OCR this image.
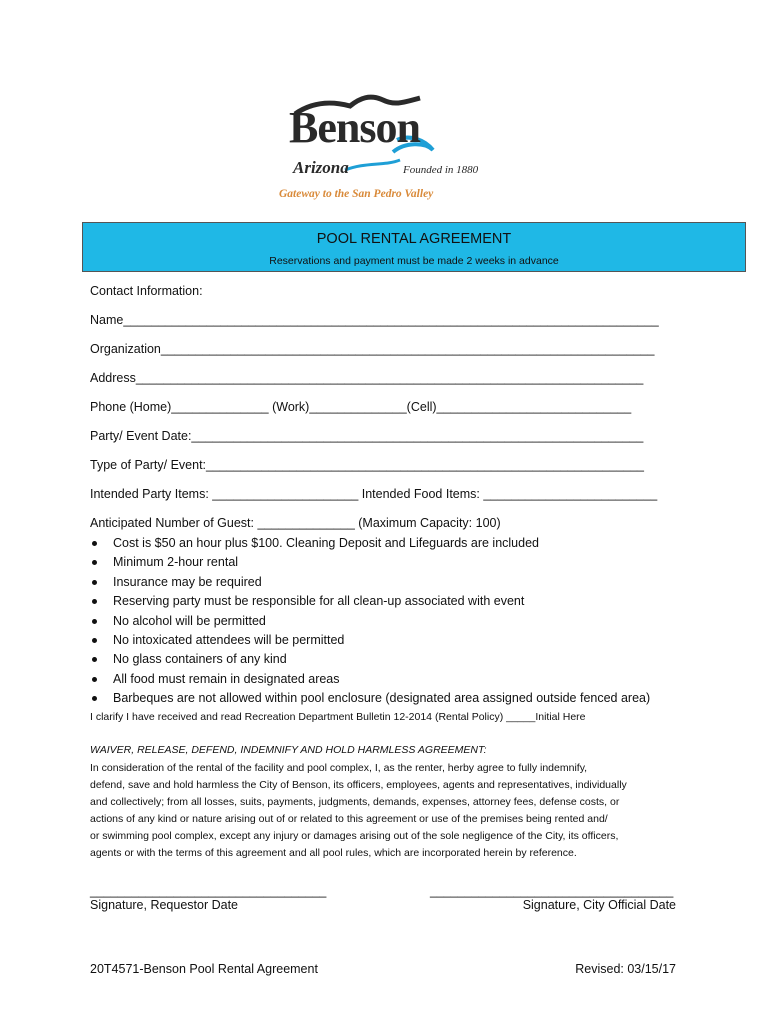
Benson
Arizona	Founded in 1880
Gateway to the San Pedro Valley
POOL RENTAL AGREEMENT
Reservations and payment must be made 2 weeks in advance
Contact Information:
Name_____________________________________________________________________________
Organization_______________________________________________________________________
Address_________________________________________________________________________
Phone (Home)______________ (Work)______________(Cell)____________________________
Party/ Event Date:_________________________________________________________________
Type of Party/ Event:_______________________________________________________________
Intended Party Items: _____________________ Intended Food Items: _________________________
Anticipated Number of Guest: ______________ (Maximum Capacity: 100)
Cost is $50 an hour plus $100. Cleaning Deposit and Lifeguards are included
Minimum 2-hour rental
Insurance may be required
Reserving party must be responsible for all clean-up associated with event
No alcohol will be permitted
No intoxicated attendees will be permitted
No glass containers of any kind
All food must remain in designated areas
Barbeques are not allowed within pool enclosure (designated area assigned outside fenced area)
I clarify I have received and read Recreation Department Bulletin 12-2014 (Rental Policy) _____Initial Here
WAIVER, RELEASE, DEFEND, INDEMNIFY AND HOLD HARMLESS AGREEMENT:
In consideration of the rental of the facility and pool complex, I, as the renter, herby agree to fully indemnify,
defend, save and hold harmless the City of Benson, its officers, employees, agents and representatives, individually
and collectively; from all losses, suits, payments, judgments, demands, expenses, attorney fees, defense costs, or
actions of any kind or nature arising out of or related to this agreement or use of the premises being rented and/
or swimming pool complex, except any injury or damages arising out of the sole negligence of the City, its officers,
agents or with the terms of this agreement and all pool rules, which are incorporated herein by reference.
__________________________________	___________________________________
Signature, Requestor Date	Signature, City Official Date
20T4571-Benson Pool Rental Agreement	Revised: 03/15/17
